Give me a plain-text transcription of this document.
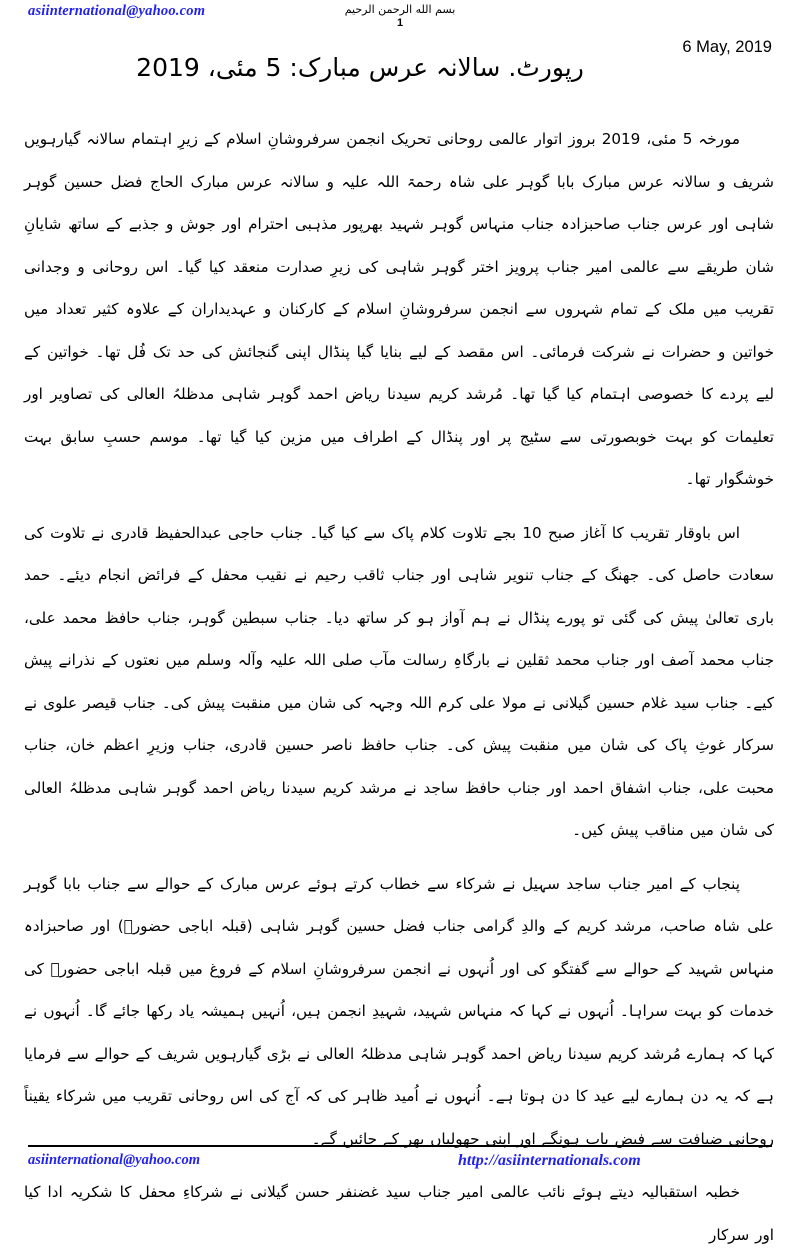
asiinternational@yahoo.com	بسم الله الرحمن الرحيم
1
6 May, 2019
رپورٹ. سالانہ عرس مبارک: 5 مئی، 2019

مورخہ 5 مئی، 2019 بروز اتوار عالمی روحانی تحریک انجمن سرفروشانِ اسلام کے زیرِ اہتمام سالانہ گیارہویں شریف و سالانہ عرس مبارک بابا گوہر علی شاہ رحمۃ اللہ علیہ و سالانہ عرس مبارک الحاج فضل حسین گوہر شاہی اور عرس جناب صاحبزادہ جناب منہاس گوہر شہید بھرپور مذہبی احترام اور جوش و جذبے کے ساتھ شایانِ شان طریقے سے عالمی امیر جناب پرویز اختر گوہر شاہی کی زیرِ صدارت منعقد کیا گیا۔ اس روحانی و وجدانی تقریب میں ملک کے تمام شہروں سے انجمن سرفروشانِ اسلام کے کارکنان و عہدیداران کے علاوہ کثیر تعداد میں خواتین و حضرات نے شرکت فرمائی۔ اس مقصد کے لیے بنایا گیا پنڈال اپنی گنجائش کی حد تک فُل تھا۔ خواتین کے لیے پردے کا خصوصی اہتمام کیا گیا تھا۔ مُرشد کریم سیدنا ریاض احمد گوہر شاہی مدظلہُ العالی کی تصاویر اور تعلیمات کو بہت خوبصورتی سے سٹیج پر اور پنڈال کے اطراف میں مزین کیا گیا تھا۔ موسم حسبِ سابق بہت خوشگوار تھا۔

اس باوقار تقریب کا آغاز صبح 10 بجے تلاوت کلام پاک سے کیا گیا۔ جناب حاجی عبدالحفیظ قادری نے تلاوت کی سعادت حاصل کی۔ جھنگ کے جناب تنویر شاہی اور جناب ثاقب رحیم نے نقیب محفل کے فرائض انجام دیئے۔ حمد باری تعالیٰ پیش کی گئی تو پورے پنڈال نے ہم آواز ہو کر ساتھ دیا۔ جناب سبطین گوہر، جناب حافظ محمد علی، جناب محمد آصف اور جناب محمد ثقلین نے بارگاہِ رسالت مآب صلی اللہ علیہ وآلہ وسلم میں نعتوں کے نذرانے پیش کیے۔ جناب سید غلام حسین گیلانی نے مولا علی کرم اللہ وجہہ کی شان میں منقبت پیش کی۔ جناب قیصر علوی نے سرکار غوثِ پاک کی شان میں منقبت پیش کی۔ جناب حافظ ناصر حسین قادری، جناب وزیرِ اعظم خان، جناب محبت علی، جناب اشفاق احمد اور جناب حافظ ساجد نے مرشد کریم سیدنا ریاض احمد گوہر شاہی مدظلہُ العالی کی شان میں مناقب پیش کیں۔

پنجاب کے امیر جناب ساجد سہیل نے شرکاء سے خطاب کرتے ہوئے عرس مبارک کے حوالے سے جناب بابا گوہر علی شاہ صاحب، مرشد کریم کے والدِ گرامی جناب فضل حسین گوہر شاہی (قبلہ اباجی حضورؒ) اور صاحبزادہ منہاس شہید کے حوالے سے گفتگو کی اور اُنہوں نے انجمن سرفروشانِ اسلام کے فروغ میں قبلہ اباجی حضورؒ کی خدمات کو بہت سراہا۔ اُنہوں نے کہا کہ منہاس شہید، شہیدِ انجمن ہیں، اُنہیں ہمیشہ یاد رکھا جائے گا۔ اُنہوں نے کہا کہ ہمارے مُرشد کریم سیدنا ریاض احمد گوہر شاہی مدظلہُ العالی نے بڑی گیارہویں شریف کے حوالے سے فرمایا ہے کہ یہ دن ہمارے لیے عید کا دن ہوتا ہے۔ اُنہوں نے اُمید ظاہر کی کہ آج کی اس روحانی تقریب میں شرکاء یقیناً روحانی ضیافت سے فیض یاب ہونگے اور اپنی جھولیاں بھر کے جائیں گے۔

خطبہ استقبالیہ دیتے ہوئے نائب عالمی امیر جناب سید غضنفر حسن گیلانی نے شرکاءِ محفل کا شکریہ ادا کیا اور سرکار

asiinternational@yahoo.com	http://asiinternationals.com
